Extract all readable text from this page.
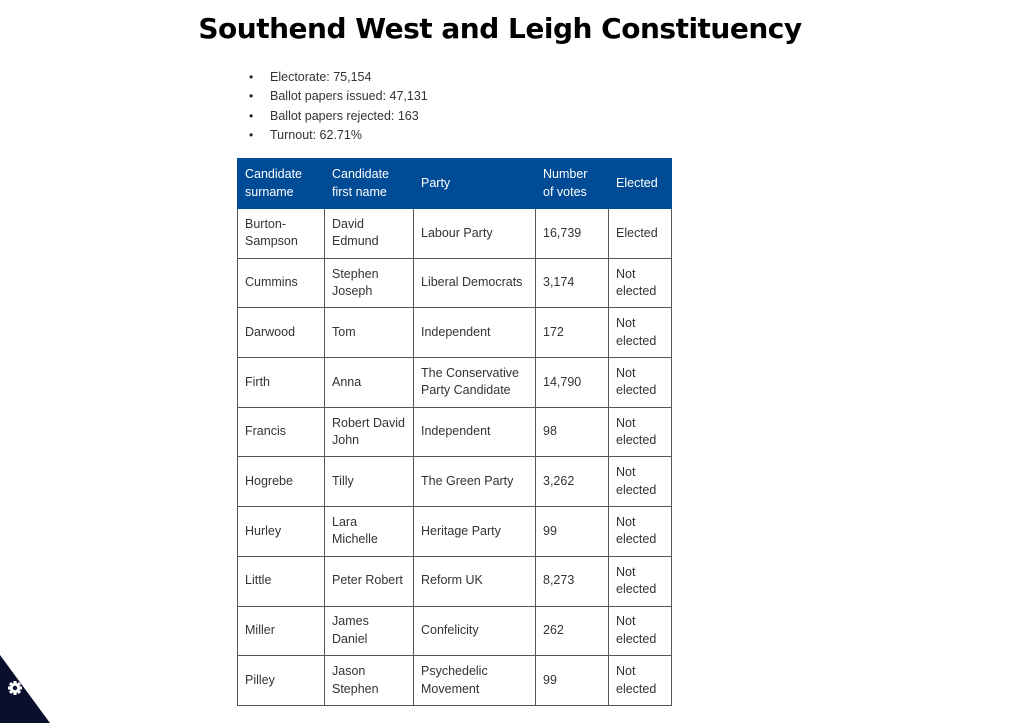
Southend West and Leigh Constituency
• Electorate: 75,154
• Ballot papers issued: 47,131
• Ballot papers rejected: 163
• Turnout: 62.71%
Candidate surname	Candidate first name	Party	Number of votes	Elected
Burton-Sampson	David Edmund	Labour Party	16,739	Elected
Cummins	Stephen Joseph	Liberal Democrats	3,174	Not elected
Darwood	Tom	Independent	172	Not elected
Firth	Anna	The Conservative Party Candidate	14,790	Not elected
Francis	Robert David John	Independent	98	Not elected
Hogrebe	Tilly	The Green Party	3,262	Not elected
Hurley	Lara Michelle	Heritage Party	99	Not elected
Little	Peter Robert	Reform UK	8,273	Not elected
Miller	James Daniel	Confelicity	262	Not elected
Pilley	Jason Stephen	Psychedelic Movement	99	Not elected
